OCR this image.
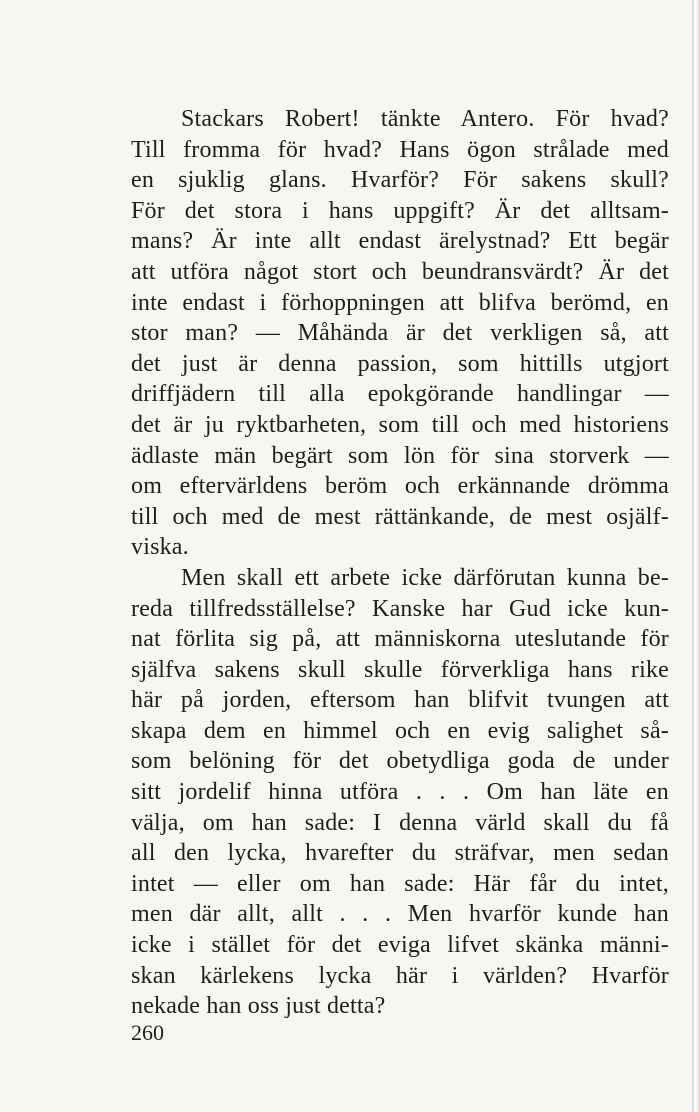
Stackars Robert! tänkte Antero. För hvad?
Till fromma för hvad? Hans ögon strålade med
en sjuklig glans. Hvarför? För sakens skull?
För det stora i hans uppgift? Är det alltsam-
mans? Är inte allt endast ärelystnad? Ett begär
att utföra något stort och beundransvärdt? Är det
inte endast i förhoppningen att blifva berömd, en
stor man? — Måhända är det verkligen så, att
det just är denna passion, som hittills utgjort
driffjädern till alla epokgörande handlingar —
det är ju ryktbarheten, som till och med historiens
ädlaste män begärt som lön för sina storverk —
om eftervärldens beröm och erkännande drömma
till och med de mest rättänkande, de mest osjälf-
viska.
Men skall ett arbete icke därförutan kunna be-
reda tillfredsställelse? Kanske har Gud icke kun-
nat förlita sig på, att människorna uteslutande för
själfva sakens skull skulle förverkliga hans rike
här på jorden, eftersom han blifvit tvungen att
skapa dem en himmel och en evig salighet så-
som belöning för det obetydliga goda de under
sitt jordelif hinna utföra . . . Om han läte en
välja, om han sade: I denna värld skall du få
all den lycka, hvarefter du sträfvar, men sedan
intet — eller om han sade: Här får du intet,
men där allt, allt . . . Men hvarför kunde han
icke i stället för det eviga lifvet skänka männi-
skan kärlekens lycka här i världen? Hvarför
nekade han oss just detta?
260
